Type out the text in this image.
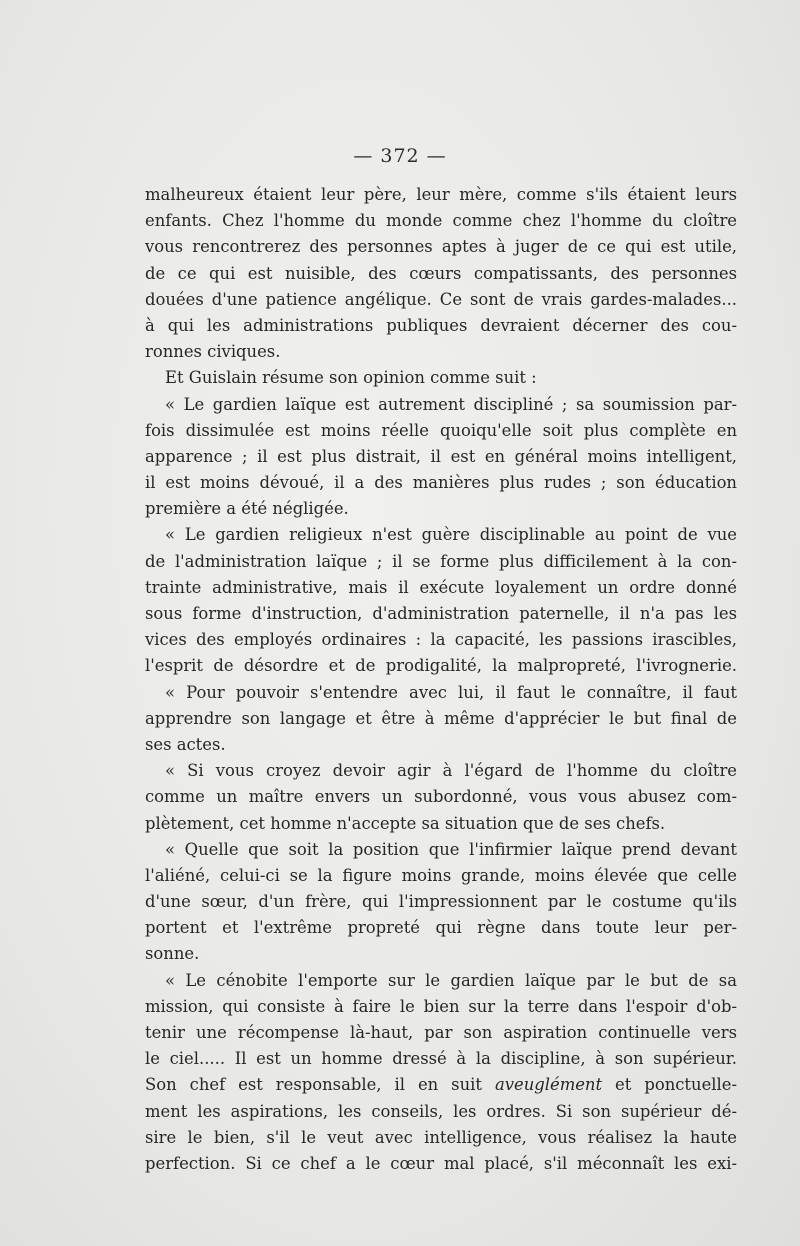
— 372 —
malheureux étaient leur père, leur mère, comme s'ils étaient leurs
enfants. Chez l'homme du monde comme chez l'homme du cloître
vous rencontrerez des personnes aptes à juger de ce qui est utile,
de ce qui est nuisible, des cœurs compatissants, des personnes
douées d'une patience angélique. Ce sont de vrais gardes-malades...
à qui les administrations publiques devraient décerner des cou-
ronnes civiques.
Et Guislain résume son opinion comme suit :
« Le gardien laïque est autrement discipliné ; sa soumission par-
fois dissimulée est moins réelle quoiqu'elle soit plus complète en
apparence ; il est plus distrait, il est en général moins intelligent,
il est moins dévoué, il a des manières plus rudes ; son éducation
première a été négligée.
« Le gardien religieux n'est guère disciplinable au point de vue
de l'administration laïque ; il se forme plus difficilement à la con-
trainte administrative, mais il exécute loyalement un ordre donné
sous forme d'instruction, d'administration paternelle, il n'a pas les
vices des employés ordinaires : la capacité, les passions irascibles,
l'esprit de désordre et de prodigalité, la malpropreté, l'ivrognerie.
« Pour pouvoir s'entendre avec lui, il faut le connaître, il faut
apprendre son langage et être à même d'apprécier le but final de
ses actes.
« Si vous croyez devoir agir à l'égard de l'homme du cloître
comme un maître envers un subordonné, vous vous abusez com-
plètement, cet homme n'accepte sa situation que de ses chefs.
« Quelle que soit la position que l'infirmier laïque prend devant
l'aliéné, celui-ci se la figure moins grande, moins élevée que celle
d'une sœur, d'un frère, qui l'impressionnent par le costume qu'ils
portent et l'extrême propreté qui règne dans toute leur per-
sonne.
« Le cénobite l'emporte sur le gardien laïque par le but de sa
mission, qui consiste à faire le bien sur la terre dans l'espoir d'ob-
tenir une récompense là-haut, par son aspiration continuelle vers
le ciel..... Il est un homme dressé à la discipline, à son supérieur.
Son chef est responsable, il en suit aveuglément et ponctuelle-
ment les aspirations, les conseils, les ordres. Si son supérieur dé-
sire le bien, s'il le veut avec intelligence, vous réalisez la haute
perfection. Si ce chef a le cœur mal placé, s'il méconnaît les exi-
